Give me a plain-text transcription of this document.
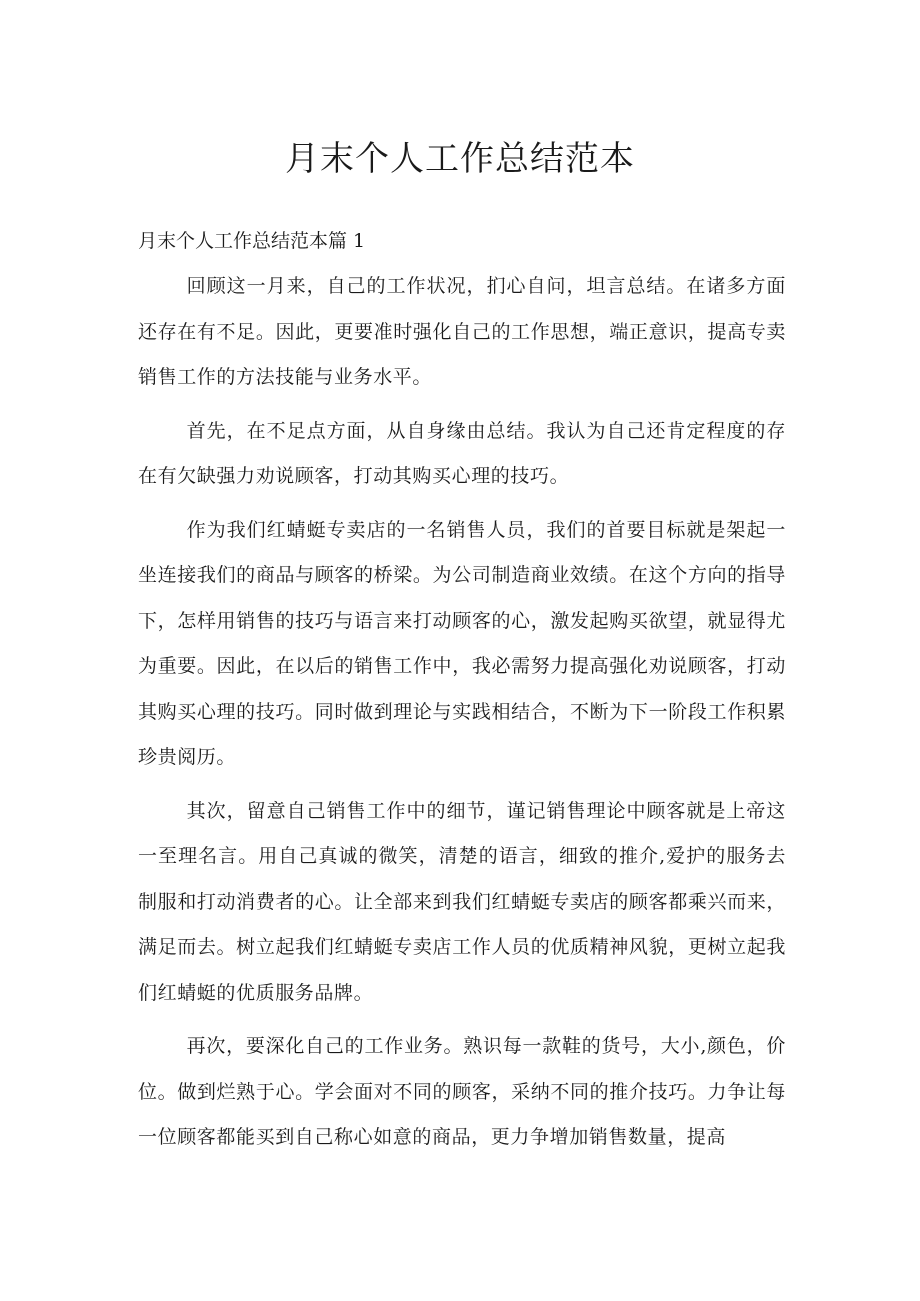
月末个人工作总结范本
月末个人工作总结范本篇 1

回顾这一月来，自己的工作状况，扪心自问，坦言总结。在诸多方面还存在有不足。因此，更要准时强化自己的工作思想，端正意识，提高专卖销售工作的方法技能与业务水平。

首先，在不足点方面，从自身缘由总结。我认为自己还肯定程度的存在有欠缺强力劝说顾客，打动其购买心理的技巧。

作为我们红蜻蜓专卖店的一名销售人员，我们的首要目标就是架起一坐连接我们的商品与顾客的桥梁。为公司制造商业效绩。在这个方向的指导下，怎样用销售的技巧与语言来打动顾客的心，激发起购买欲望，就显得尤为重要。因此，在以后的销售工作中，我必需努力提高强化劝说顾客，打动其购买心理的技巧。同时做到理论与实践相结合，不断为下一阶段工作积累珍贵阅历。

其次，留意自己销售工作中的细节，谨记销售理论中顾客就是上帝这一至理名言。用自己真诚的微笑，清楚的语言，细致的推介,爱护的服务去制服和打动消费者的心。让全部来到我们红蜻蜓专卖店的顾客都乘兴而来，满足而去。树立起我们红蜻蜓专卖店工作人员的优质精神风貌，更树立起我们红蜻蜓的优质服务品牌。

再次，要深化自己的工作业务。熟识每一款鞋的货号，大小,颜色，价位。做到烂熟于心。学会面对不同的顾客，采纳不同的推介技巧。力争让每一位顾客都能买到自己称心如意的商品，更力争增加销售数量，提高
